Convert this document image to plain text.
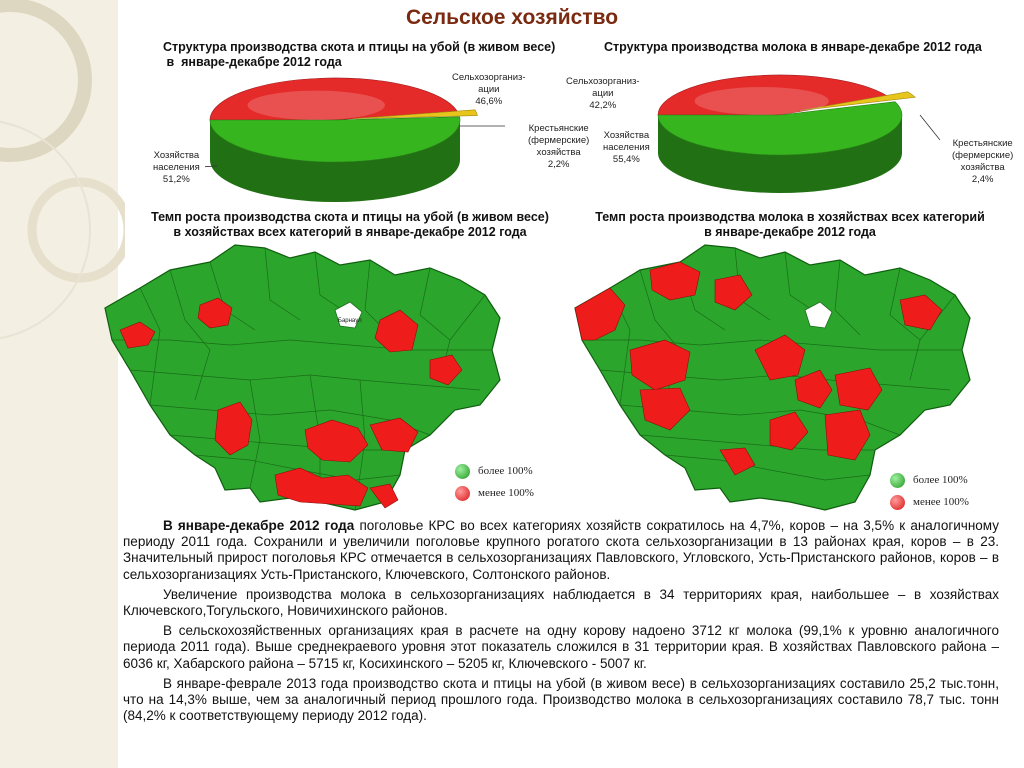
Сельское хозяйство
Структура производства скота и птицы на убой (в живом весе)
в  январе-декабре 2012 года
Сельхозорганиз-
ации
46,6%
Крестьянские
(фермерские)
хозяйства
2,2%
Хозяйства
населения
51,2%
Структура производства молока в январе-декабре 2012 года
Сельхозорганиз-
ации
42,2%
Хозяйства
населения
55,4%
Крестьянские
(фермерские)
хозяйства
2,4%
Темп роста производства скота и птицы на убой (в живом весе)
в хозяйствах всех категорий в январе-декабре 2012 года
Темп роста производства молока в хозяйствах всех категорий
в январе-декабре 2012 года
Барнаул
более 100%
менее 100%
более 100%
менее 100%

В январе-декабре 2012 года поголовье КРС во всех категориях хозяйств сократилось на 4,7%, коров – на 3,5% к аналогичному периоду 2011 года. Сохранили и увеличили поголовье крупного рогатого скота сельхозорганизации в 13 районах края, коров – в 23. Значительный прирост поголовья КРС отмечается в сельхозорганизациях Павловского, Угловского, Усть-Пристанского районов, коров – в сельхозорганизациях Усть-Пристанского, Ключевского, Солтонского районов.

Увеличение производства молока в сельхозорганизациях наблюдается в 34 территориях края, наибольшее – в хозяйствах Ключевского,Тогульского, Новичихинского районов.

В сельскохозяйственных организациях края в расчете на одну корову надоено 3712 кг молока (99,1% к уровню аналогичного периода 2011 года). Выше среднекраевого уровня этот показатель сложился в 31 территории края. В хозяйствах Павловского района – 6036 кг, Хабарского района – 5715 кг, Косихинского – 5205 кг, Ключевского - 5007 кг.

В январе-феврале 2013 года производство скота и птицы на убой (в живом весе) в сельхозорганизациях составило 25,2 тыс.тонн, что на 14,3% выше, чем за аналогичный период прошлого года. Производство молока в сельхозорганизациях составило 78,7 тыс. тонн (84,2% к соответствующему периоду 2012 года).
